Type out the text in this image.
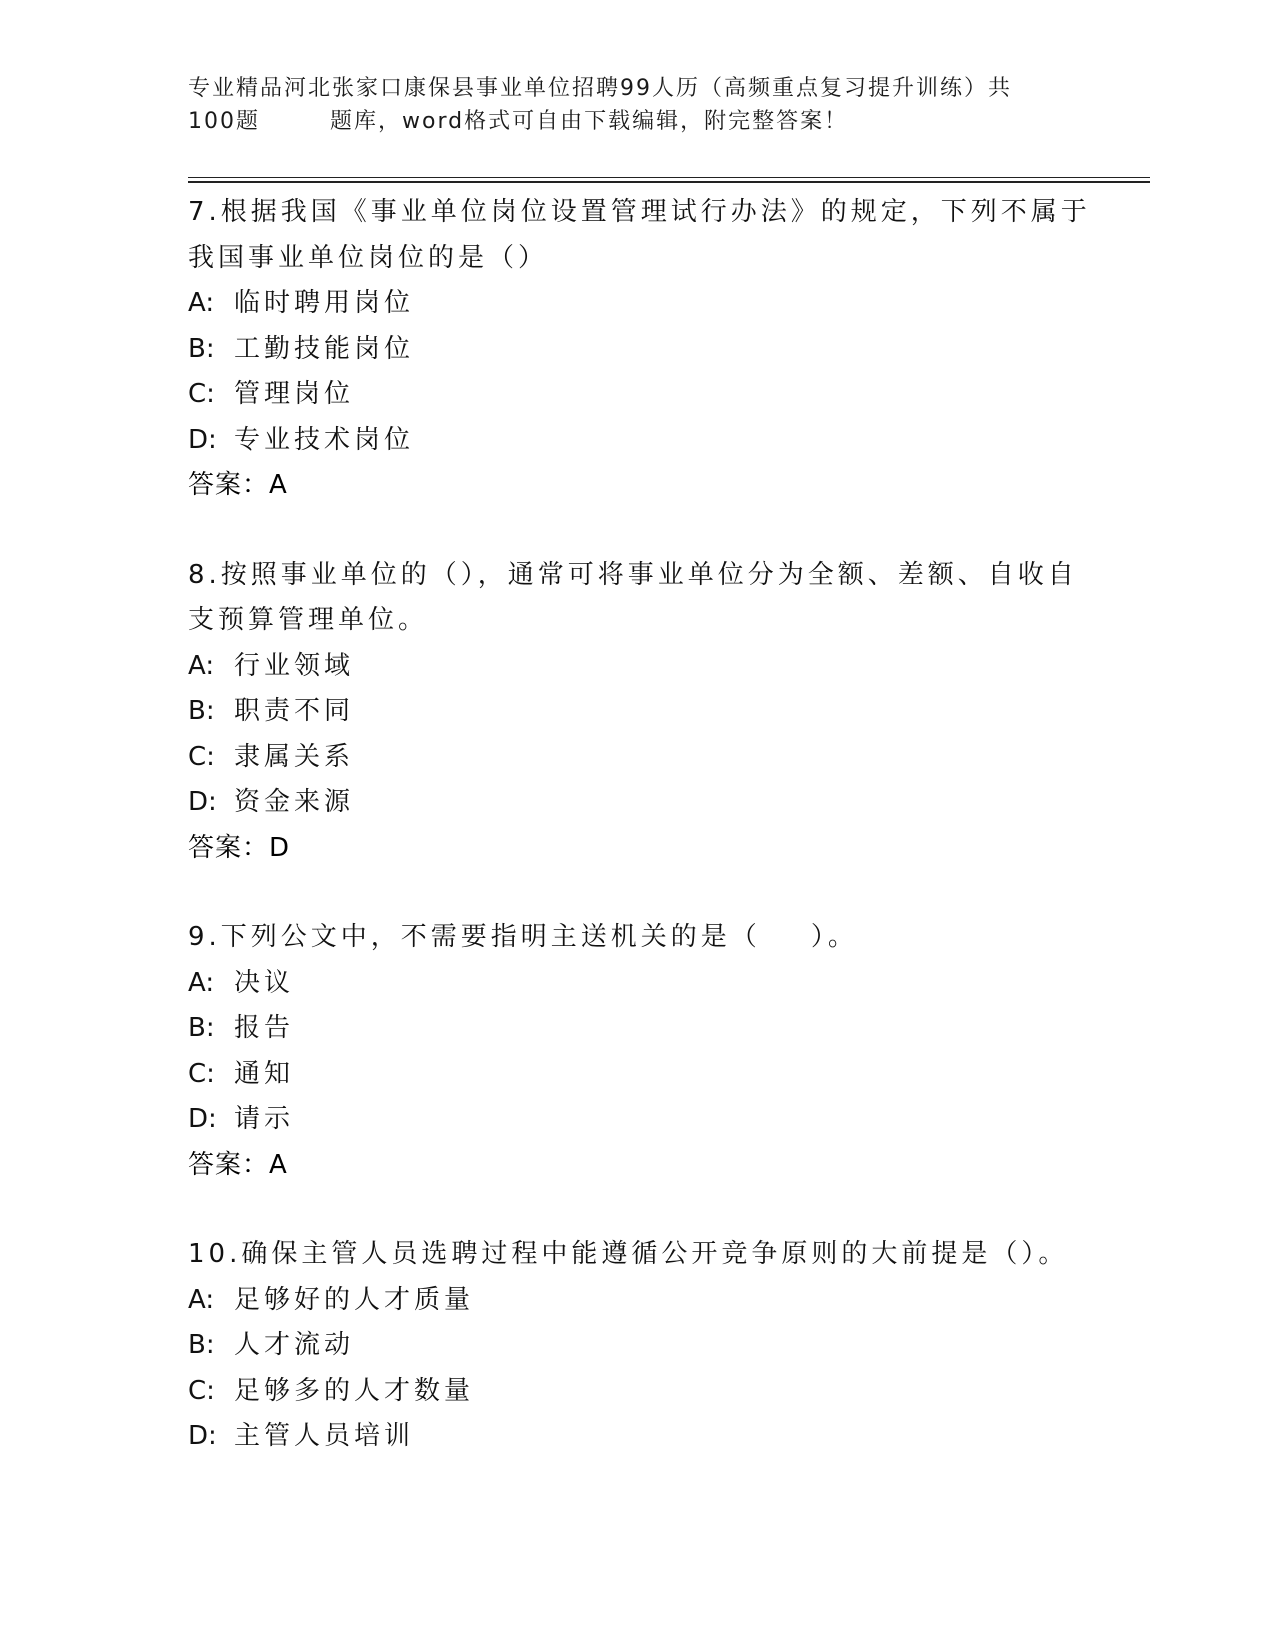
专业精品河北张家口康保县事业单位招聘99人历（高频重点复习提升训练）共
100题	题库，word格式可自由下载编辑，附完整答案！
7.根据我国《事业单位岗位设置管理试行办法》的规定，下列不属于
我国事业单位岗位的是（）
A: 临时聘用岗位
B: 工勤技能岗位
C: 管理岗位
D: 专业技术岗位
答案：A
8.按照事业单位的（），通常可将事业单位分为全额、差额、自收自
支预算管理单位。
A: 行业领域
B: 职责不同
C: 隶属关系
D: 资金来源
答案：D
9.下列公文中，不需要指明主送机关的是（ ）。
A: 决议
B: 报告
C: 通知
D: 请示
答案：A
10.确保主管人员选聘过程中能遵循公开竞争原则的大前提是（）。
A: 足够好的人才质量
B: 人才流动
C: 足够多的人才数量
D: 主管人员培训
